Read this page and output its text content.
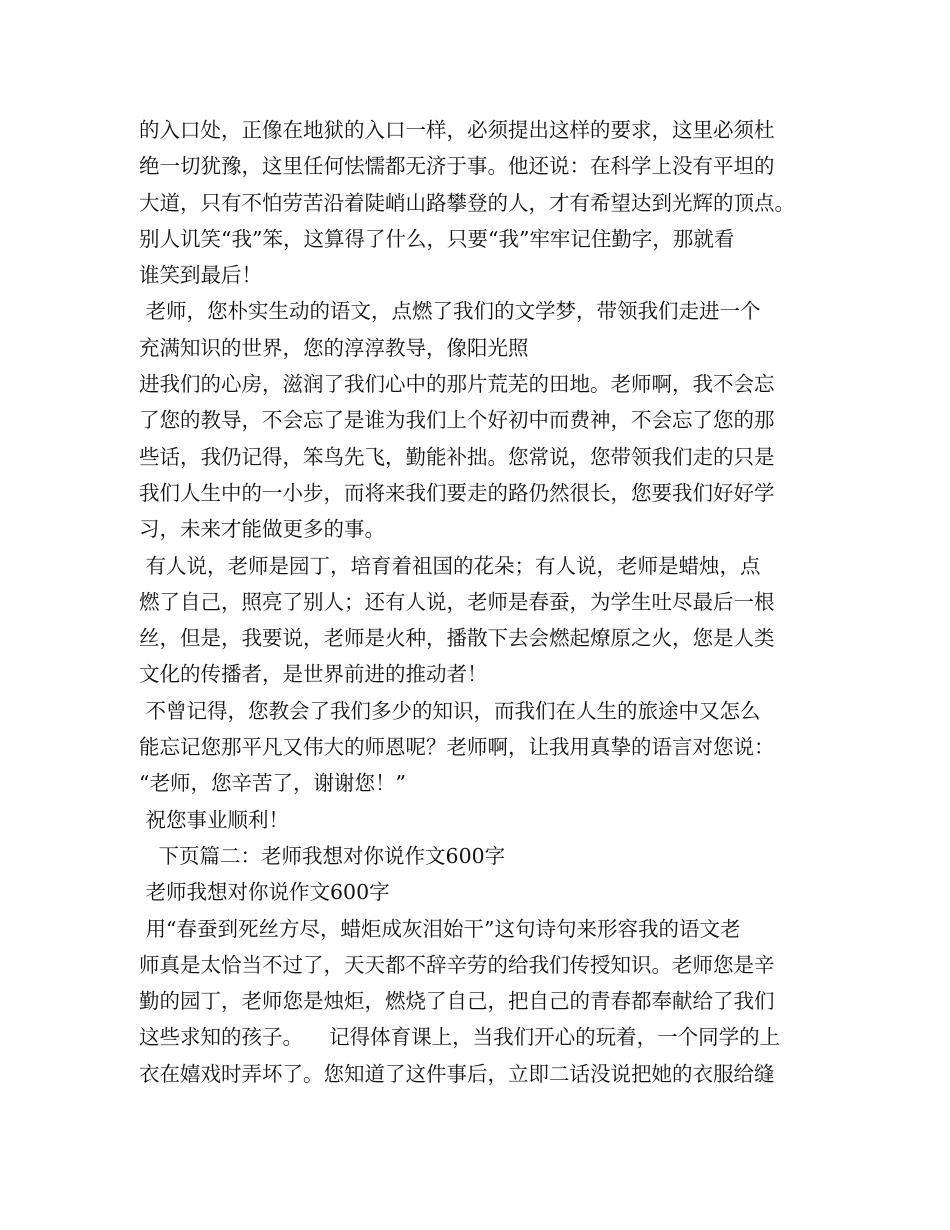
的入口处，正像在地狱的入口一样，必须提出这样的要求，这里必须杜
绝一切犹豫，这里任何怯懦都无济于事。他还说：在科学上没有平坦的
大道，只有不怕劳苦沿着陡峭山路攀登的人，才有希望达到光辉的顶点。
别人讥笑“我”笨，这算得了什么，只要“我”牢牢记住勤字，那就看
谁笑到最后！
老师，您朴实生动的语文，点燃了我们的文学梦，带领我们走进一个
充满知识的世界，您的淳淳教导，像阳光照
进我们的心房，滋润了我们心中的那片荒芜的田地。老师啊，我不会忘
了您的教导，不会忘了是谁为我们上个好初中而费神，不会忘了您的那
些话，我仍记得，笨鸟先飞，勤能补拙。您常说，您带领我们走的只是
我们人生中的一小步，而将来我们要走的路仍然很长，您要我们好好学
习，未来才能做更多的事。
有人说，老师是园丁，培育着祖国的花朵；有人说，老师是蜡烛，点
燃了自己，照亮了别人；还有人说，老师是春蚕，为学生吐尽最后一根
丝，但是，我要说，老师是火种，播散下去会燃起燎原之火，您是人类
文化的传播者，是世界前进的推动者！
不曾记得，您教会了我们多少的知识，而我们在人生的旅途中又怎么
能忘记您那平凡又伟大的师恩呢？老师啊，让我用真挚的语言对您说：
“老师，您辛苦了，谢谢您！”
祝您事业顺利！
下页篇二：老师我想对你说作文600字
老师我想对你说作文600字
用“春蚕到死丝方尽，蜡炬成灰泪始干”这句诗句来形容我的语文老
师真是太恰当不过了，天天都不辞辛劳的给我们传授知识。老师您是辛
勤的园丁，老师您是烛炬，燃烧了自己，把自己的青春都奉献给了我们
这些求知的孩子。    记得体育课上，当我们开心的玩着，一个同学的上
衣在嬉戏时弄坏了。您知道了这件事后，立即二话没说把她的衣服给缝
